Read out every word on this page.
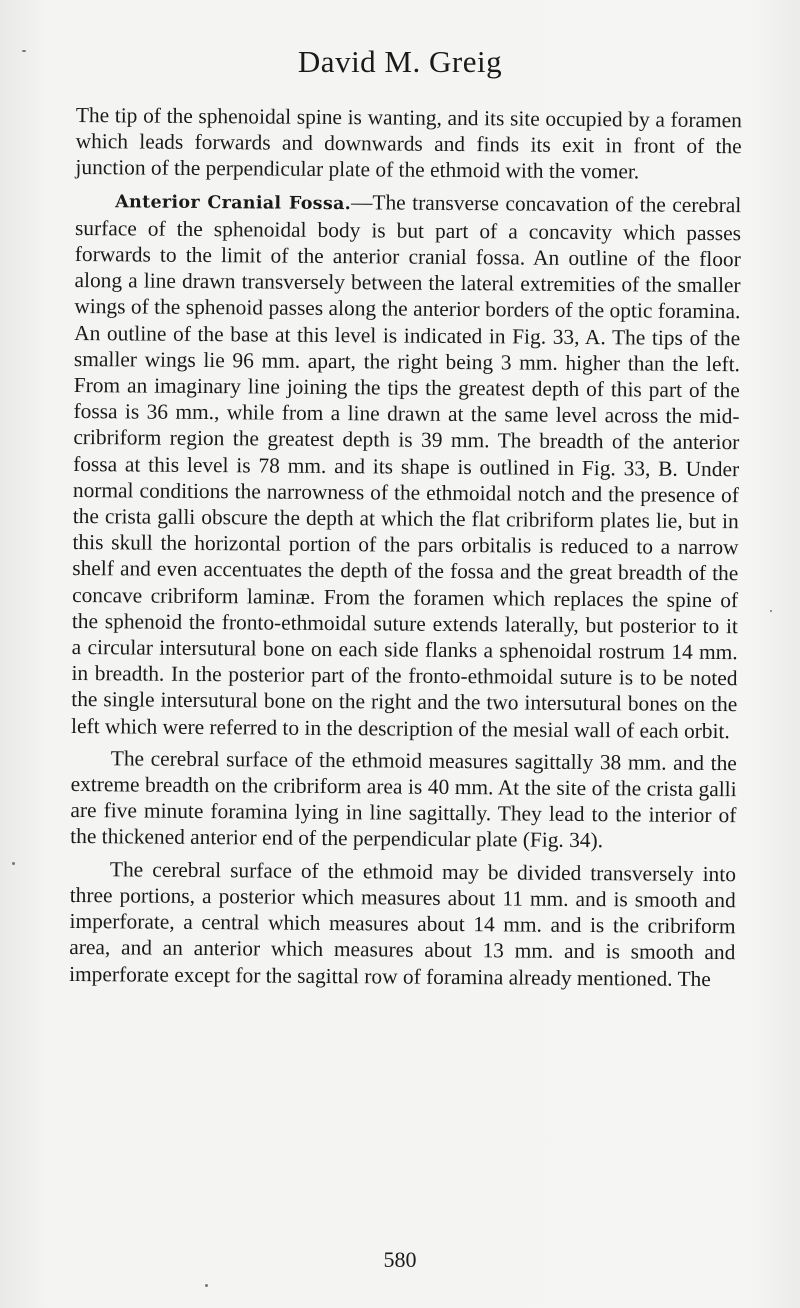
David M. Greig

The tip of the sphenoidal spine is wanting, and its site occupied by a foramen which leads forwards and downwards and finds its exit in front of the junction of the perpendicular plate of the ethmoid with the vomer.

Anterior Cranial Fossa.—The transverse concavation of the cerebral surface of the sphenoidal body is but part of a concavity which passes forwards to the limit of the anterior cranial fossa. An outline of the floor along a line drawn transversely between the lateral extremities of the smaller wings of the sphenoid passes along the anterior borders of the optic foramina. An outline of the base at this level is indicated in Fig. 33, A. The tips of the smaller wings lie 96 mm. apart, the right being 3 mm. higher than the left. From an imaginary line joining the tips the greatest depth of this part of the fossa is 36 mm., while from a line drawn at the same level across the mid-cribriform region the greatest depth is 39 mm. The breadth of the anterior fossa at this level is 78 mm. and its shape is outlined in Fig. 33, B. Under normal conditions the narrowness of the ethmoidal notch and the presence of the crista galli obscure the depth at which the flat cribriform plates lie, but in this skull the horizontal portion of the pars orbitalis is reduced to a narrow shelf and even accentuates the depth of the fossa and the great breadth of the concave cribriform laminæ. From the foramen which replaces the spine of the sphenoid the fronto-ethmoidal suture extends laterally, but posterior to it a circular intersutural bone on each side flanks a sphenoidal rostrum 14 mm. in breadth. In the posterior part of the fronto-ethmoidal suture is to be noted the single intersutural bone on the right and the two intersutural bones on the left which were referred to in the description of the mesial wall of each orbit.

The cerebral surface of the ethmoid measures sagittally 38 mm. and the extreme breadth on the cribriform area is 40 mm. At the site of the crista galli are five minute foramina lying in line sagittally. They lead to the interior of the thickened anterior end of the perpendicular plate (Fig. 34).

The cerebral surface of the ethmoid may be divided transversely into three portions, a posterior which measures about 11 mm. and is smooth and imperforate, a central which measures about 14 mm. and is the cribriform area, and an anterior which measures about 13 mm. and is smooth and imperforate except for the sagittal row of foramina already mentioned. The

580
